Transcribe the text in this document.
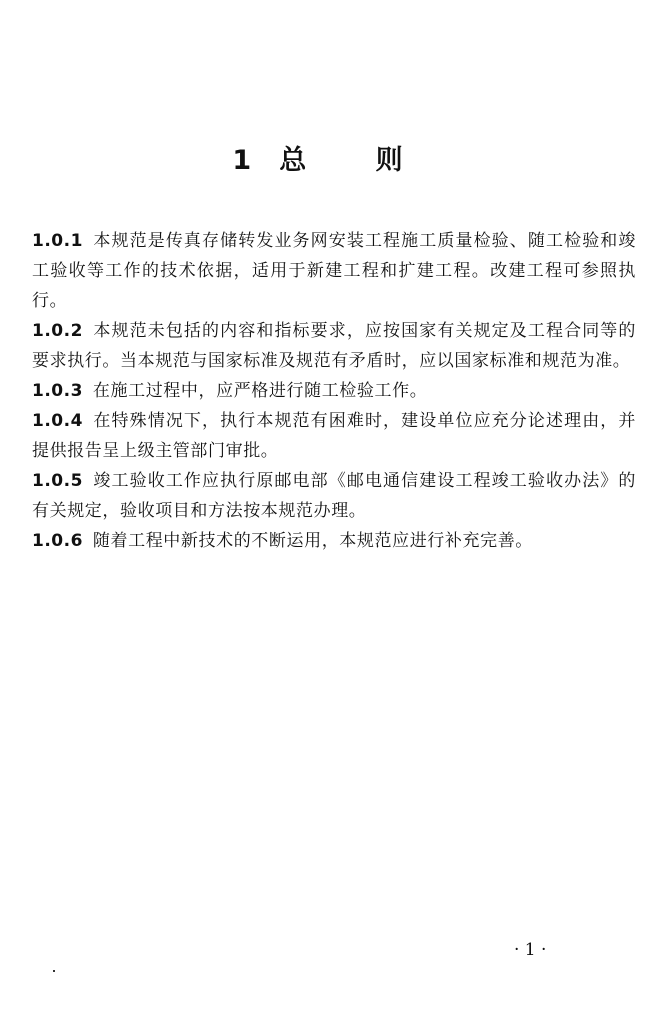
1 总 则

1.0.1 本规范是传真存储转发业务网安装工程施工质量检验、随工检验和竣工验收等工作的技术依据，适用于新建工程和扩建工程。改建工程可参照执行。

1.0.2 本规范未包括的内容和指标要求，应按国家有关规定及工程合同等的要求执行。当本规范与国家标准及规范有矛盾时，应以国家标准和规范为准。

1.0.3 在施工过程中，应严格进行随工检验工作。

1.0.4 在特殊情况下，执行本规范有困难时，建设单位应充分论述理由，并提供报告呈上级主管部门审批。

1.0.5 竣工验收工作应执行原邮电部《邮电通信建设工程竣工验收办法》的有关规定，验收项目和方法按本规范办理。

1.0.6 随着工程中新技术的不断运用，本规范应进行补充完善。

· 1 ·
